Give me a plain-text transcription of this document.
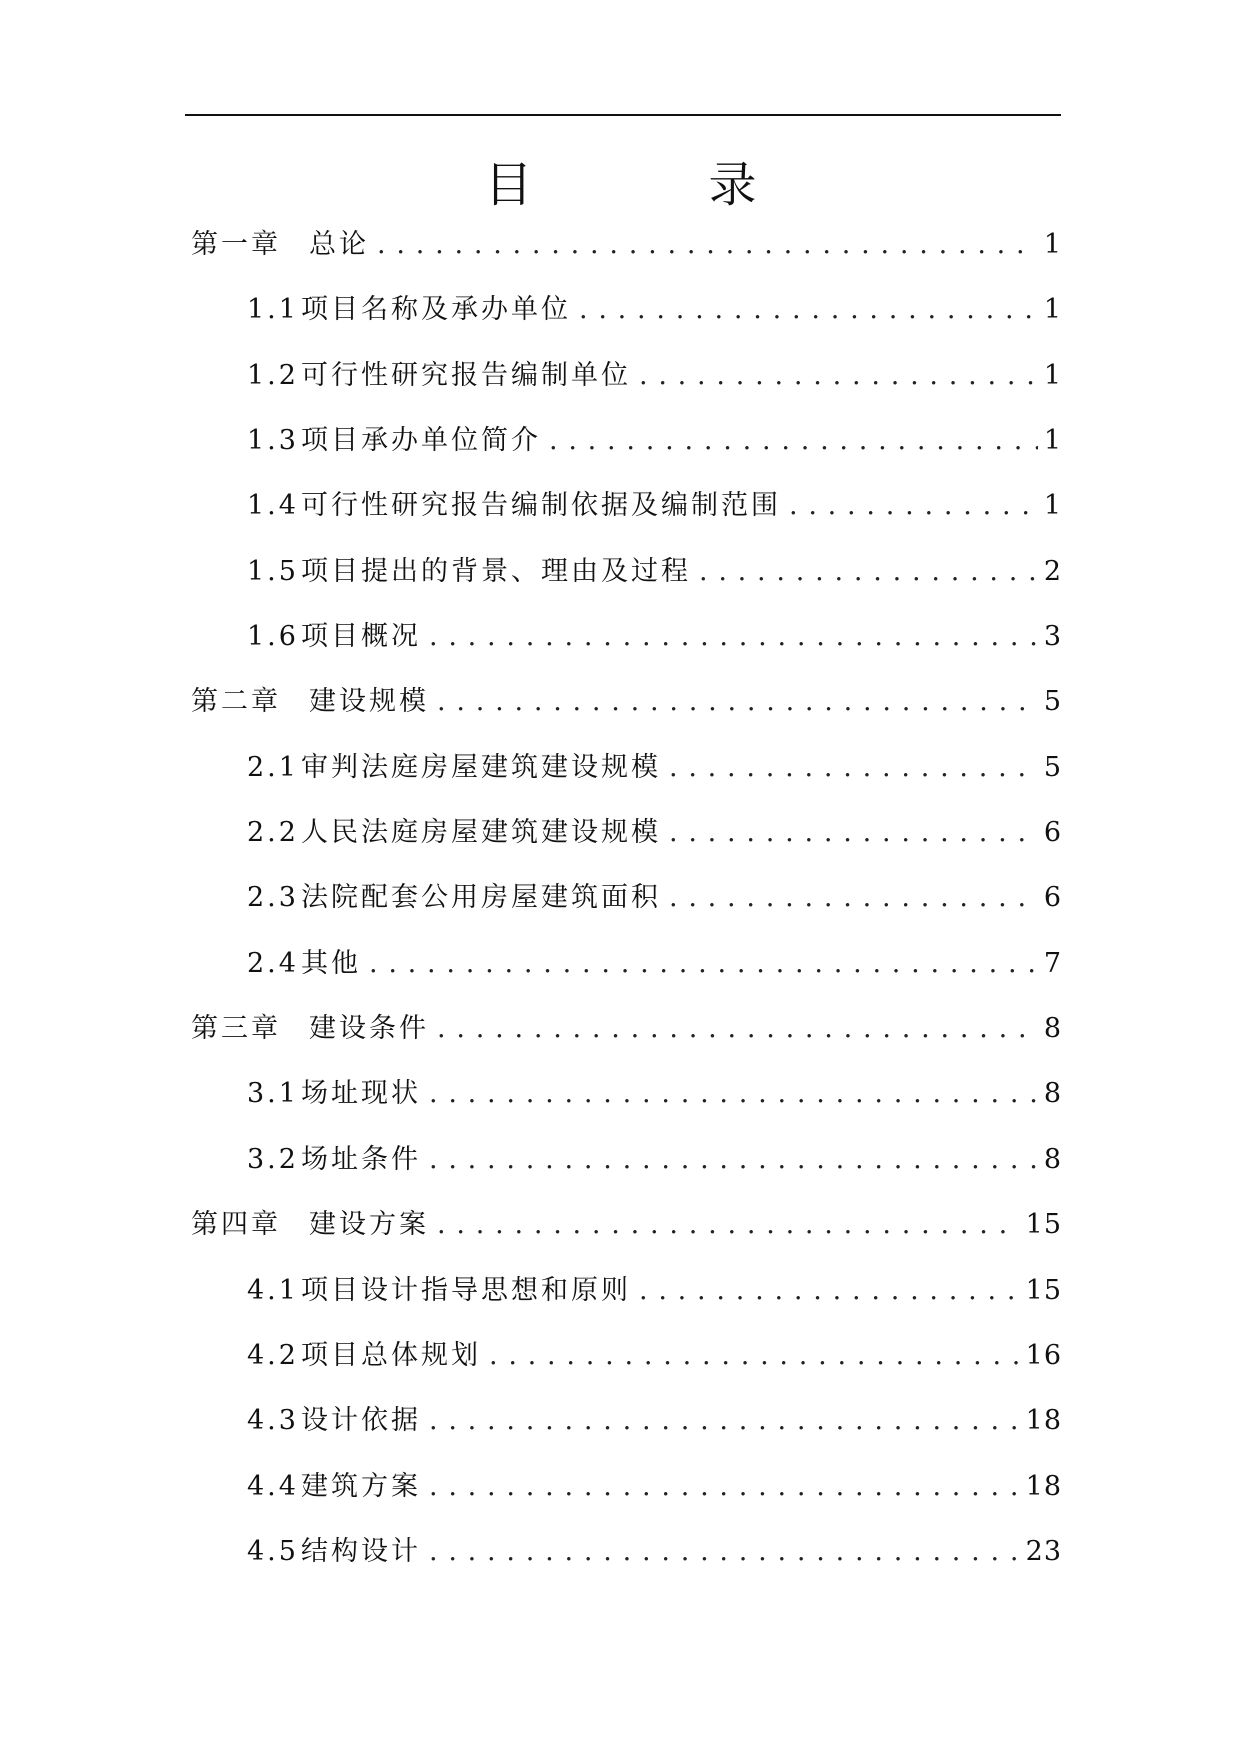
目　录
第一章 总论 . . .	1
1.1项目名称及承办单位 . . .	1
1.2可行性研究报告编制单位 . . .	1
1.3项目承办单位简介 . . .	1
1.4可行性研究报告编制依据及编制范围 . . .	1
1.5项目提出的背景、理由及过程 . . .	2
1.6项目概况 . . .	3
第二章 建设规模 . . .	5
2.1审判法庭房屋建筑建设规模 . . .	5
2.2人民法庭房屋建筑建设规模 . . .	6
2.3法院配套公用房屋建筑面积 . . .	6
2.4其他 . . .	7
第三章 建设条件 . . .	8
3.1场址现状 . . .	8
3.2场址条件 . . .	8
第四章 建设方案 . . .	15
4.1项目设计指导思想和原则 . . .	15
4.2项目总体规划 . . .	16
4.3设计依据 . . .	18
4.4建筑方案 . . .	18
4.5结构设计 . . .	23
